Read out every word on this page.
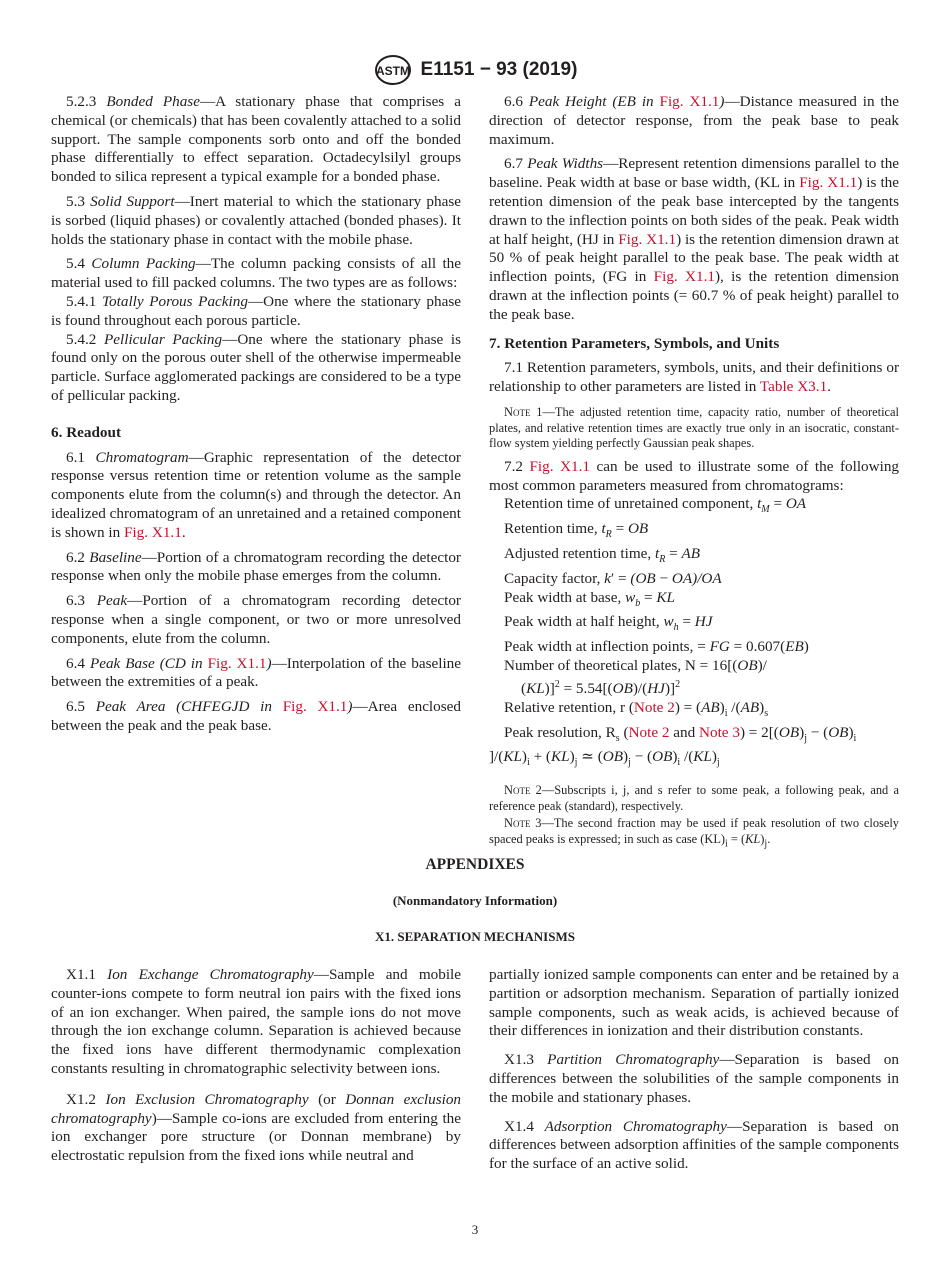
ASTM E1151 − 93 (2019)

5.2.3 Bonded Phase—A stationary phase that comprises a chemical (or chemicals) that has been covalently attached to a solid support. The sample components sorb onto and off the bonded phase differentially to effect separation. Octadecylsilyl groups bonded to silica represent a typical example for a bonded phase.

5.3 Solid Support—Inert material to which the stationary phase is sorbed (liquid phases) or covalently attached (bonded phases). It holds the stationary phase in contact with the mobile phase.

5.4 Column Packing—The column packing consists of all the material used to fill packed columns. The two types are as follows:

5.4.1 Totally Porous Packing—One where the stationary phase is found throughout each porous particle.

5.4.2 Pellicular Packing—One where the stationary phase is found only on the porous outer shell of the otherwise impermeable particle. Surface agglomerated packings are considered to be a type of pellicular packing.

6. Readout

6.1 Chromatogram—Graphic representation of the detector response versus retention time or retention volume as the sample components elute from the column(s) and through the detector. An idealized chromatogram of an unretained and a retained component is shown in Fig. X1.1.

6.2 Baseline—Portion of a chromatogram recording the detector response when only the mobile phase emerges from the column.

6.3 Peak—Portion of a chromatogram recording detector response when a single component, or two or more unresolved components, elute from the column.

6.4 Peak Base (CD in Fig. X1.1)—Interpolation of the baseline between the extremities of a peak.

6.5 Peak Area (CHFEGJD in Fig. X1.1)—Area enclosed between the peak and the peak base.

6.6 Peak Height (EB in Fig. X1.1)—Distance measured in the direction of detector response, from the peak base to peak maximum.

6.7 Peak Widths—Represent retention dimensions parallel to the baseline. Peak width at base or base width, (KL in Fig. X1.1) is the retention dimension of the peak base intercepted by the tangents drawn to the inflection points on both sides of the peak. Peak width at half height, (HJ in Fig. X1.1) is the retention dimension drawn at 50 % of peak height parallel to the peak base. The peak width at inflection points, (FG in Fig. X1.1), is the retention dimension drawn at the inflection points (= 60.7 % of peak height) parallel to the peak base.

7. Retention Parameters, Symbols, and Units

7.1 Retention parameters, symbols, units, and their definitions or relationship to other parameters are listed in Table X3.1.

Note 1—The adjusted retention time, capacity ratio, number of theoretical plates, and relative retention times are exactly true only in an isocratic, constant-flow system yielding perfectly Gaussian peak shapes.

7.2 Fig. X1.1 can be used to illustrate some of the following most common parameters measured from chromatograms:

Retention time of unretained component, $t_M$ = OA
Retention time, $t_R$ = OB
Adjusted retention time, $t_R$ = AB
Capacity factor, k′ = (OB − OA)/OA
Peak width at base, $w_b$ = KL
Peak width at half height, $w_h$ = HJ
Peak width at inflection points, = FG = 0.607(EB)
Number of theoretical plates, N = 16[(OB)/
$(KL)]^2 = 5.54[(OB)/(HJ)]^2$
Relative retention, r (Note $2) = (AB)_i$ $/(AB)_s$
Peak resolution, $R_s$ (Note 2 and Note $3) = 2[(OB)_j - (OB)_i$
]$/(KL)_i + (KL)_j$ ≃ $(OB)_j - (OB)_i$ $/(KL)_j$
Note 2—Subscripts i, j, and s refer to some peak, a following peak, and a reference peak (standard), respectively.
Note 3—The second fraction may be used if peak resolution of two closely spaced peaks is expressed; in such as case $(KL)_i = (KL)_j$.
APPENDIXES
(Nonmandatory Information)
X1. SEPARATION MECHANISMS

X1.1 Ion Exchange Chromatography—Sample and mobile counter-ions compete to form neutral ion pairs with the fixed ions of an ion exchanger. When paired, the sample ions do not move through the ion exchange column. Separation is achieved because the fixed ions have different thermodynamic complexation constants resulting in chromatographic selectivity between ions.

X1.2 Ion Exclusion Chromatography (or Donnan exclusion chromatography)—Sample co-ions are excluded from entering the ion exchanger pore structure (or Donnan membrane) by electrostatic repulsion from the fixed ions while neutral and

partially ionized sample components can enter and be retained by a partition or adsorption mechanism. Separation of partially ionized sample components, such as weak acids, is achieved because of their differences in ionization and their distribution constants.

X1.3 Partition Chromatography—Separation is based on differences between the solubilities of the sample components in the mobile and stationary phases.

X1.4 Adsorption Chromatography—Separation is based on differences between adsorption affinities of the sample components for the surface of an active solid.

3
